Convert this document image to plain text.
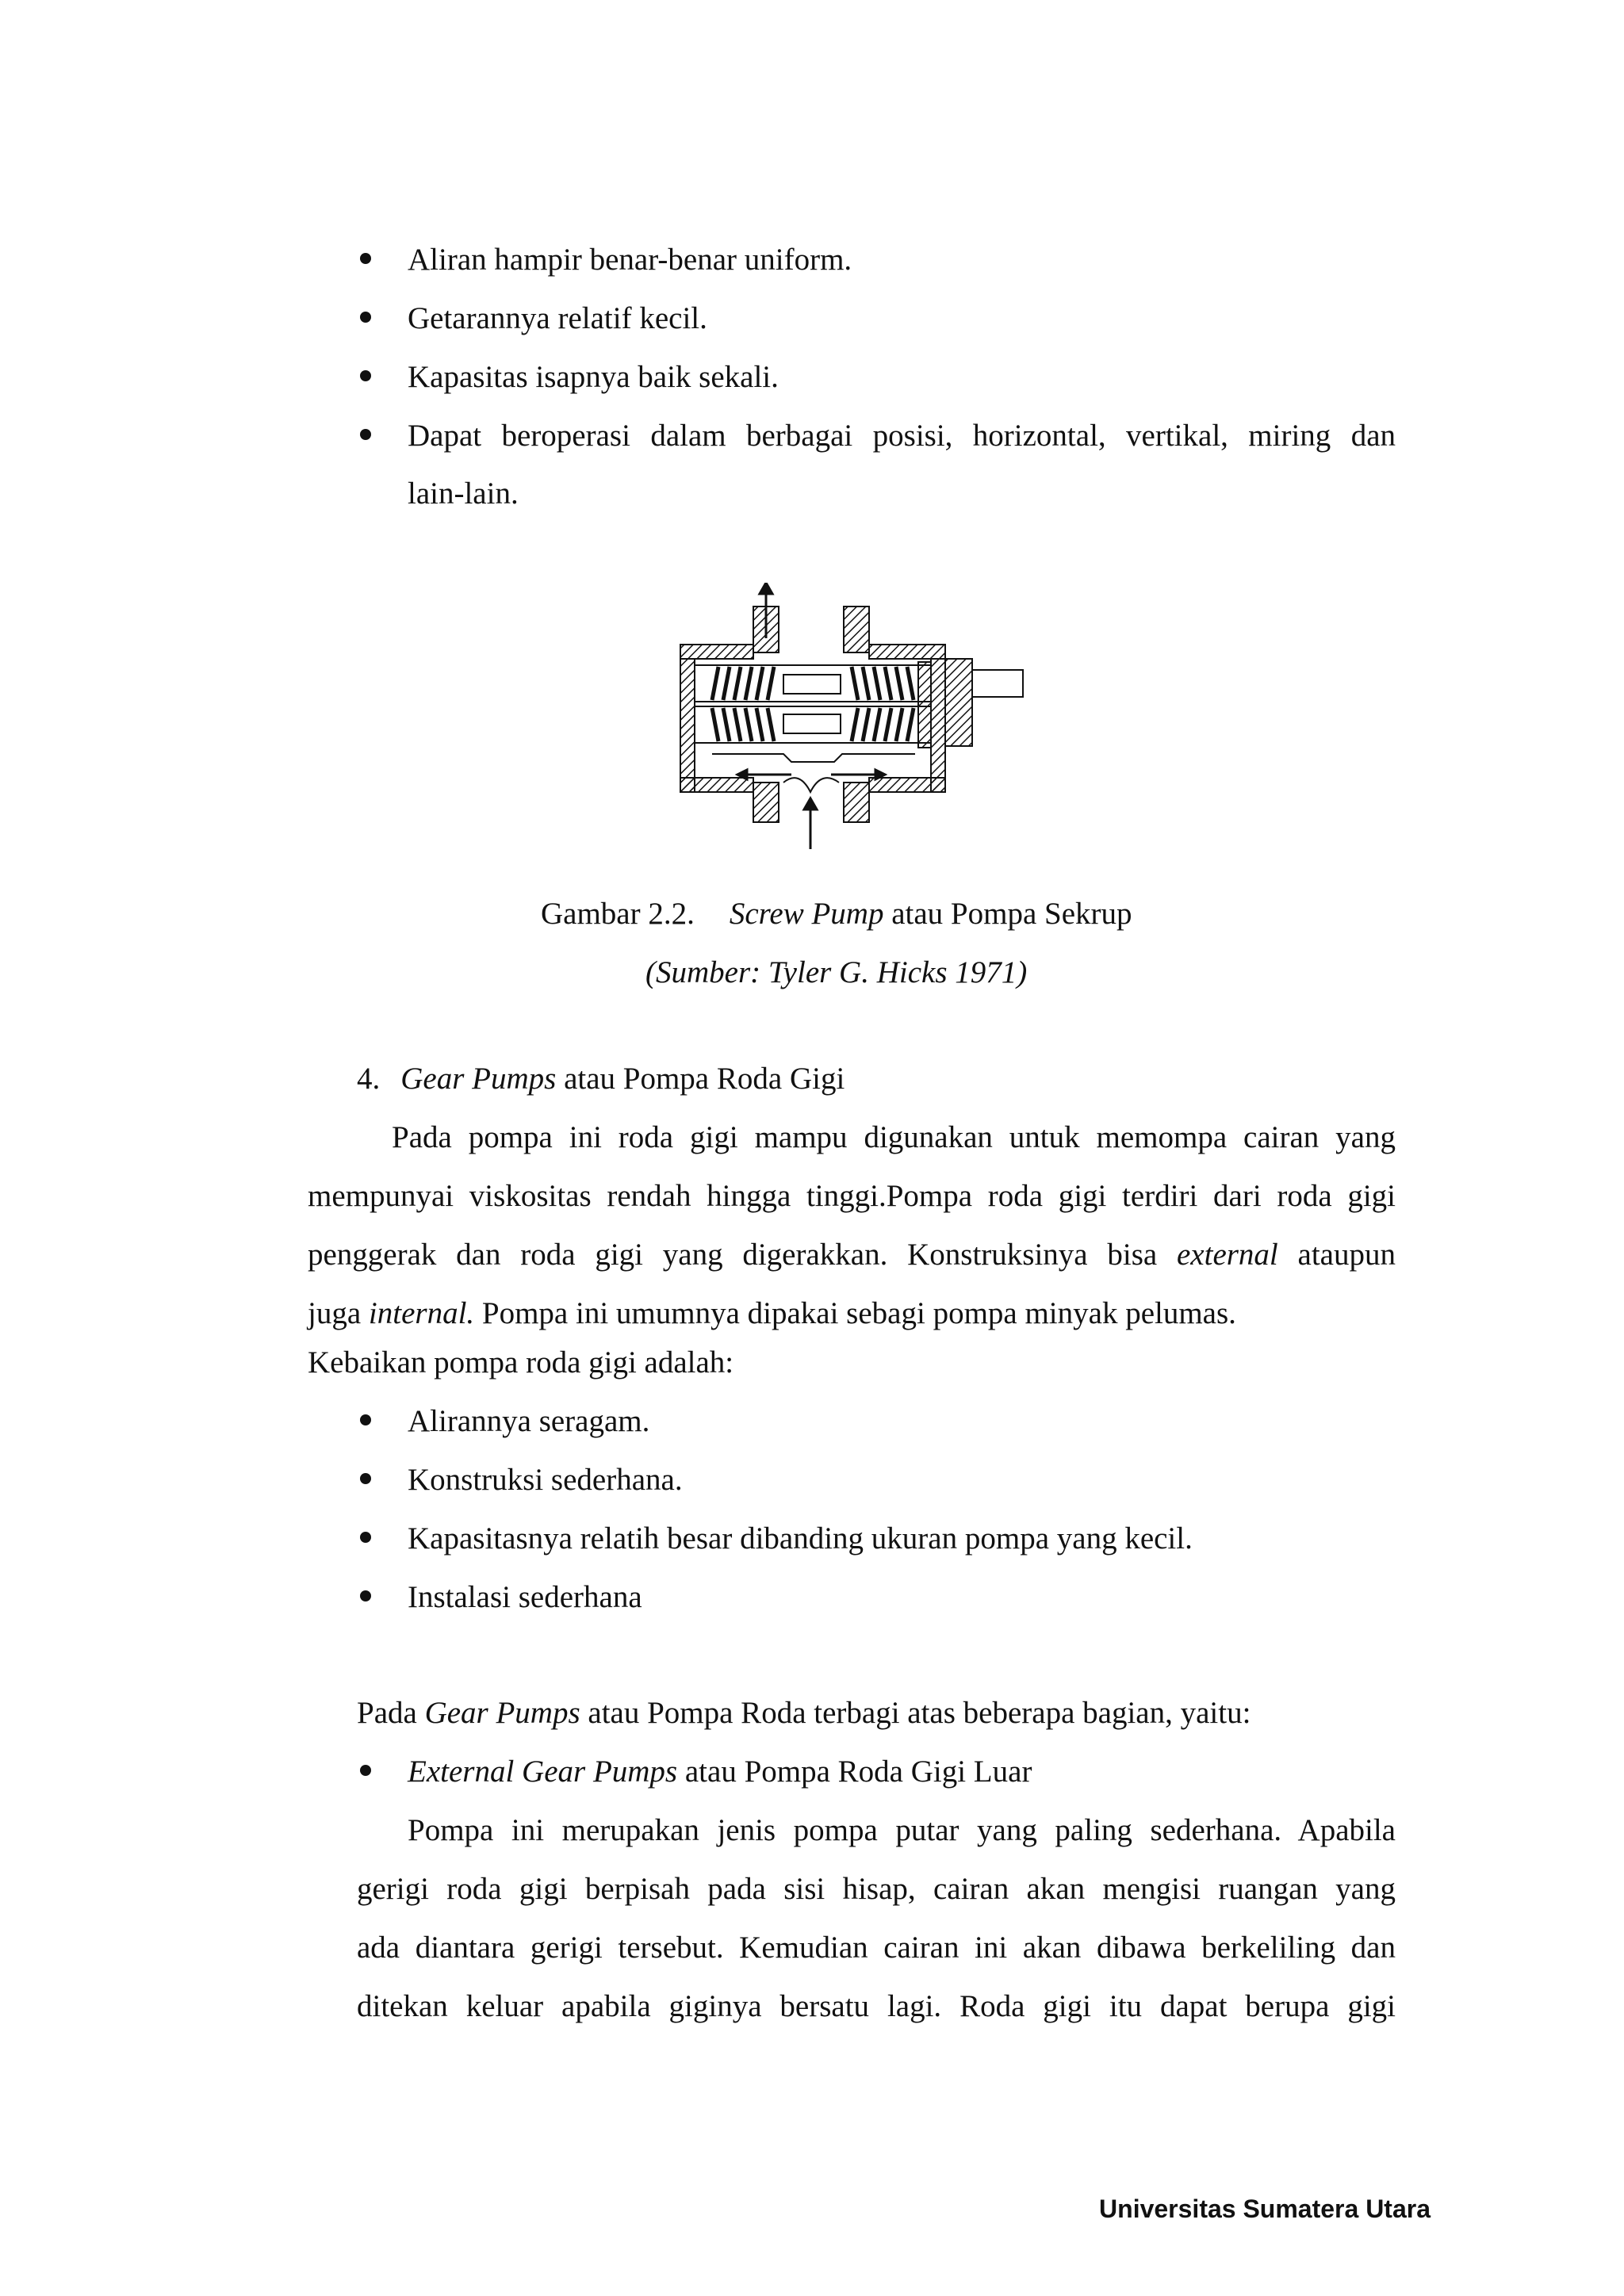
Aliran hampir benar-benar uniform.
Getarannya relatif kecil.
Kapasitas isapnya baik sekali.
Dapat beroperasi dalam berbagai posisi, horizontal, vertikal, miring dan
lain-lain.
Gambar 2.2. Screw Pump atau Pompa Sekrup
(Sumber: Tyler G. Hicks 1971)
4. Gear Pumps atau Pompa Roda Gigi
Pada pompa ini roda gigi mampu digunakan untuk memompa cairan yang
mempunyai viskositas rendah hingga tinggi.Pompa roda gigi terdiri dari roda gigi
penggerak dan roda gigi yang digerakkan. Konstruksinya bisa external ataupun
juga internal. Pompa ini umumnya dipakai sebagi pompa minyak pelumas.
Kebaikan pompa roda gigi adalah:
Alirannya seragam.
Konstruksi sederhana.
Kapasitasnya relatih besar dibanding ukuran pompa yang kecil.
Instalasi sederhana
Pada Gear Pumps atau Pompa Roda terbagi atas beberapa bagian, yaitu:
External Gear Pumps atau Pompa Roda Gigi Luar
Pompa ini merupakan jenis pompa putar yang paling sederhana. Apabila
gerigi roda gigi berpisah pada sisi hisap, cairan akan mengisi ruangan yang
ada diantara gerigi tersebut. Kemudian cairan ini akan dibawa berkeliling dan
ditekan keluar apabila giginya bersatu lagi. Roda gigi itu dapat berupa gigi
Universitas Sumatera Utara
